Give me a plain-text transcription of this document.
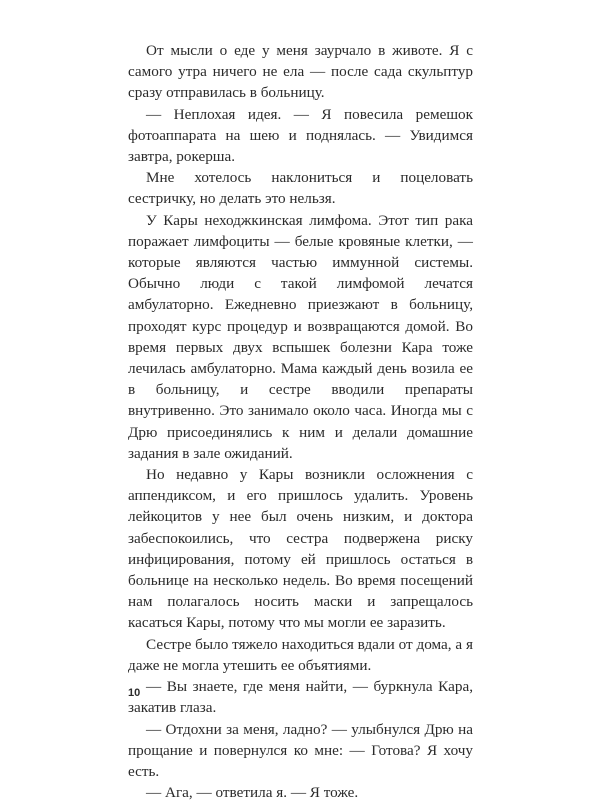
От мысли о еде у меня заурчало в животе. Я с самого утра ничего не ела — после сада скульптур сразу отправилась в больницу.

— Неплохая идея. — Я повесила ремешок фотоаппарата на шею и поднялась. — Увидимся завтра, рокерша.

Мне хотелось наклониться и поцеловать сестричку, но делать это нельзя.

У Кары неходжкинская лимфома. Этот тип рака поражает лимфоциты — белые кровяные клетки, — которые являются частью иммунной системы. Обычно люди с такой лимфомой лечатся амбулаторно. Ежедневно приезжают в больницу, проходят курс процедур и возвращаются домой. Во время первых двух вспышек болезни Кара тоже лечилась амбулаторно. Мама каждый день возила ее в больницу, и сестре вводили препараты внутривенно. Это занимало около часа. Иногда мы с Дрю присоединялись к ним и делали домашние задания в зале ожиданий.

Но недавно у Кары возникли осложнения с аппендиксом, и его пришлось удалить. Уровень лейкоцитов у нее был очень низким, и доктора забеспокоились, что сестра подвержена риску инфицирования, потому ей пришлось остаться в больнице на несколько недель. Во время посещений нам полагалось носить маски и запрещалось касаться Кары, потому что мы могли ее заразить.

Сестре было тяжело находиться вдали от дома, а я даже не могла утешить ее объятиями.

— Вы знаете, где меня найти, — буркнула Кара, закатив глаза.

— Отдохни за меня, ладно? — улыбнулся Дрю на прощание и повернулся ко мне: — Готова? Я хочу есть.

— Ага, — ответила я. — Я тоже.

10
